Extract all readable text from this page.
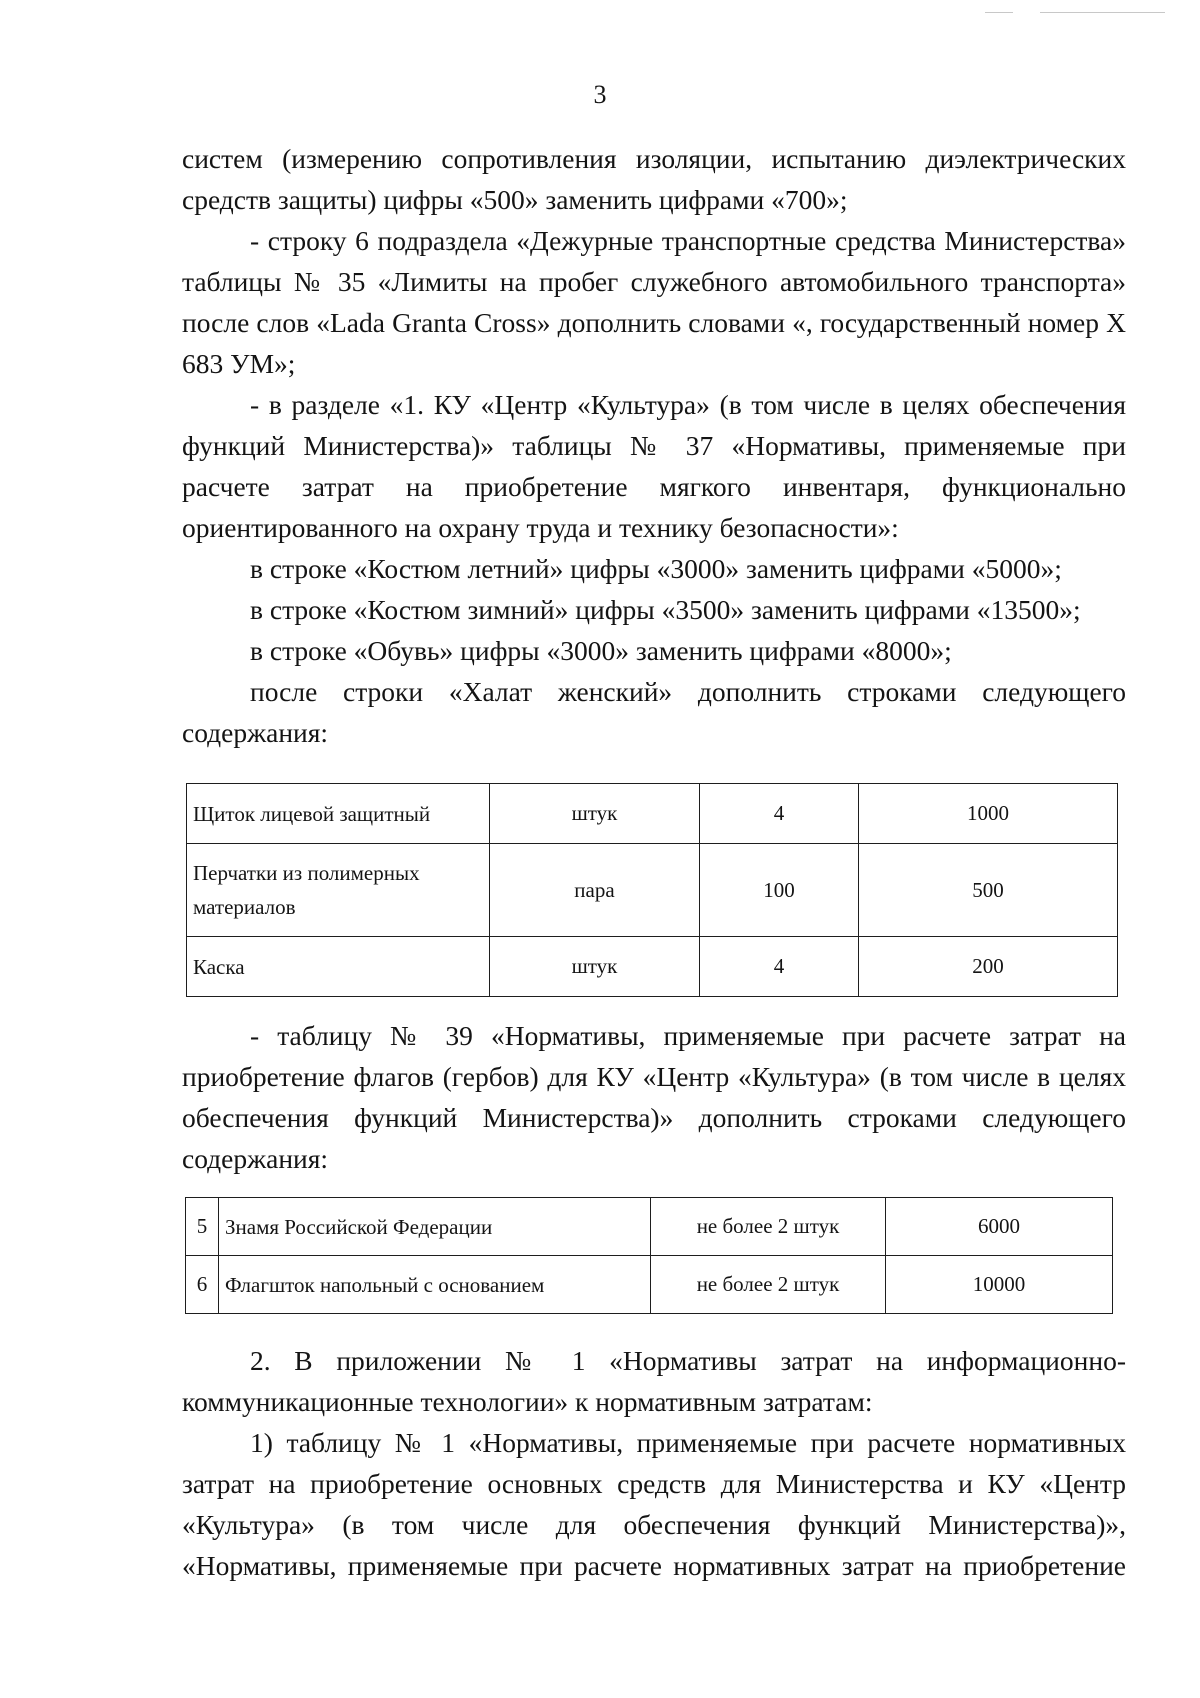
3

систем (измерению сопротивления изоляции, испытанию диэлектрических средств защиты) цифры «500» заменить цифрами «700»;

- строку 6 подраздела «Дежурные транспортные средства Министерства» таблицы № 35 «Лимиты на пробег служебного автомобильного транспорта» после слов «Lada Granta Cross» дополнить словами «, государственный номер Х 683 УМ»;

- в разделе «1. КУ «Центр «Культура» (в том числе в целях обеспечения функций Министерства)» таблицы № 37 «Нормативы, применяемые при расчете затрат на приобретение мягкого инвентаря, функционально ориентированного на охрану труда и технику безопасности»:

в строке «Костюм летний» цифры «3000» заменить цифрами «5000»;

в строке «Костюм зимний» цифры «3500» заменить цифрами «13500»;

в строке «Обувь» цифры «3000» заменить цифрами «8000»;

после строки «Халат женский» дополнить строками следующего содержания:

Щиток лицевой защитный	штук	4	1000
Перчатки из полимерных материалов	пара	100	500
Каска	штук	4	200

- таблицу № 39 «Нормативы, применяемые при расчете затрат на приобретение флагов (гербов) для КУ «Центр «Культура» (в том числе в целях обеспечения функций Министерства)» дополнить строками следующего содержания:

5	Знамя Российской Федерации	не более 2 штук	6000
6	Флагшток напольный с основанием	не более 2 штук	10000

2. В приложении № 1 «Нормативы затрат на информационно-коммуникационные технологии» к нормативным затратам:

1) таблицу № 1 «Нормативы, применяемые при расчете нормативных затрат на приобретение основных средств для Министерства и КУ «Центр «Культура» (в том числе для обеспечения функций Министерства)», «Нормативы, применяемые при расчете нормативных затрат на приобретение
